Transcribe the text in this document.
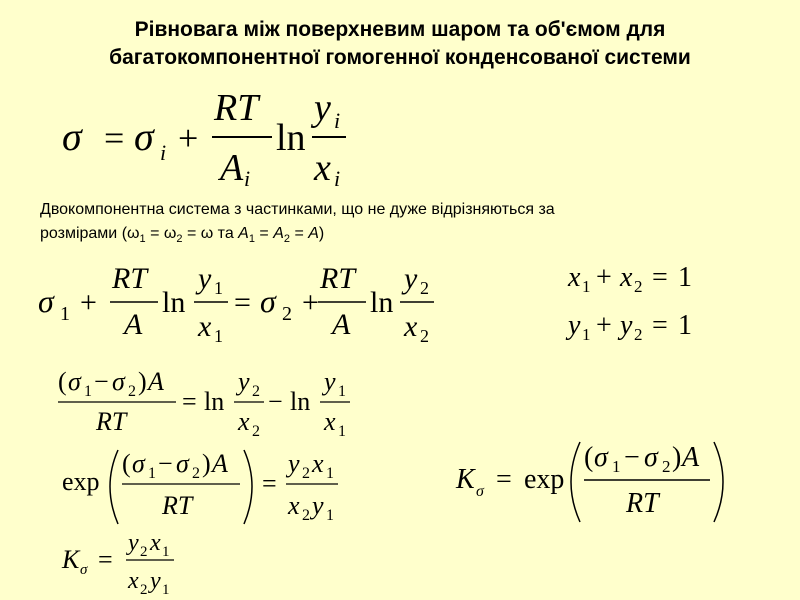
Рівновага між поверхневим шаром та об'ємом для
багатокомпонентної гомогенної конденсованої системи
σ = σ i +
RT
A i
ln
y i
x i
Двокомпонентна система з частинками, що не дуже відрізняються за
розмірами ($\omega_1 = \omega_2 = \omega$ та $A_1 = A_2 = A$)
σ 1 +
RT
A
ln
y 1
x 1
= σ 2 +
RT
A
ln
y 2
x 2
x 1 + x 2 = 1
y 1 + y 2 = 1
( σ 1 − σ 2 ) A
RT
= ln
y 2
x 2
− ln
y 1
x 1
exp
( σ 1 − σ 2 ) A
RT
=
y 2 x 1
x 2 y 1
K σ = exp
( σ 1 − σ 2 ) A
RT
K σ =
y 2 x 1
x 2 y 1
